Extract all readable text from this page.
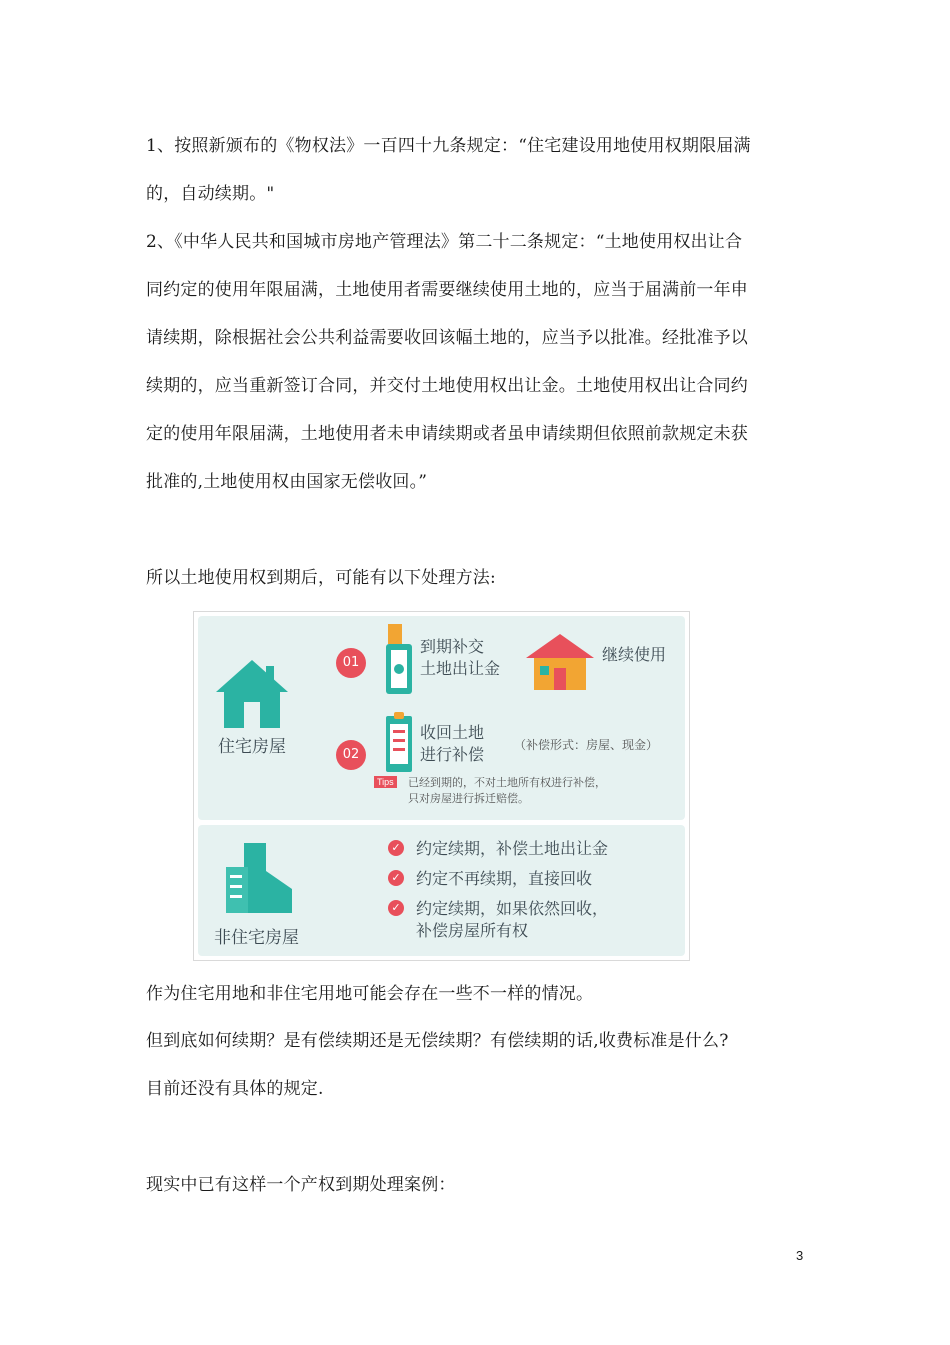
1、按照新颁布的《物权法》一百四十九条规定：“住宅建设用地使用权期限届满
的，自动续期。"
2、《中华人民共和国城市房地产管理法》第二十二条规定：“土地使用权出让合
同约定的使用年限届满，土地使用者需要继续使用土地的，应当于届满前一年申
请续期，除根据社会公共利益需要收回该幅土地的，应当予以批准。经批准予以
续期的，应当重新签订合同，并交付土地使用权出让金。土地使用权出让合同约
定的使用年限届满，土地使用者未申请续期或者虽申请续期但依照前款规定未获
批准的,土地使用权由国家无偿收回。”
所以土地使用权到期后，可能有以下处理方法:
住宅房屋
01
到期补交
土地出让金
继续使用
02
收回土地
进行补偿 （补偿形式：房屋、现金）
Tips 已经到期的，不对土地所有权进行补偿，
只对房屋进行拆迁赔偿。
非住宅房屋
✓ 约定续期，补偿土地出让金
✓ 约定不再续期，直接回收
✓ 约定续期，如果依然回收，
补偿房屋所有权
作为住宅用地和非住宅用地可能会存在一些不一样的情况。
但到底如何续期？是有偿续期还是无偿续期？有偿续期的话,收费标准是什么?
目前还没有具体的规定.
现实中已有这样一个产权到期处理案例：
3
